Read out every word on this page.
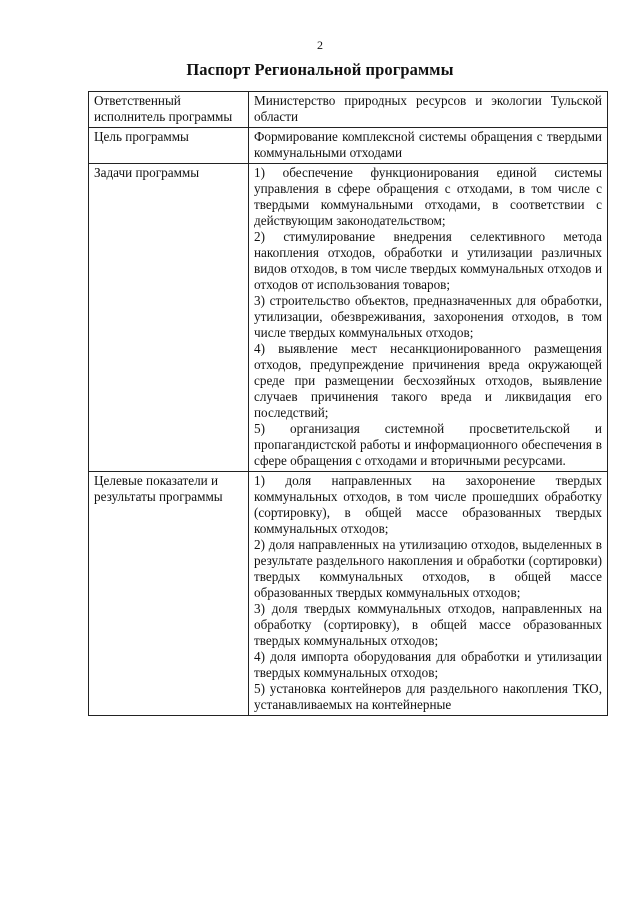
2
Паспорт Региональной программы
Ответственный исполнитель программы	Министерство природных ресурсов и экологии Тульской области
Цель программы	Формирование комплексной системы обращения с твердыми коммунальными отходами
Задачи программы	1) обеспечение функционирования единой системы управления в сфере обращения с отходами, в том числе с твердыми коммунальными отходами, в соответствии с действующим законодательством;
2) стимулирование внедрения селективного метода накопления отходов, обработки и утилизации различных видов отходов, в том числе твердых коммунальных отходов и отходов от использования товаров;
3) строительство объектов, предназначенных для обработки, утилизации, обезвреживания, захоронения отходов, в том числе твердых коммунальных отходов;
4) выявление мест несанкционированного размещения отходов, предупреждение причинения вреда окружающей среде при размещении бесхозяйных отходов, выявление случаев причинения такого вреда и ликвидация его последствий;
5) организация системной просветительской и пропагандистской работы и информационного обеспечения в сфере обращения с отходами и вторичными ресурсами.

Целевые показатели и результаты программы	1) доля направленных на захоронение твердых коммунальных отходов, в том числе прошедших обработку (сортировку), в общей массе образованных твердых коммунальных отходов;
2) доля направленных на утилизацию отходов, выделенных в результате раздельного накопления и обработки (сортировки) твердых коммунальных отходов, в общей массе образованных твердых коммунальных отходов;
3) доля твердых коммунальных отходов, направленных на обработку (сортировку), в общей массе образованных твердых коммунальных отходов;
4) доля импорта оборудования для обработки и утилизации твердых коммунальных отходов;
5) установка контейнеров для раздельного накопления ТКО, устанавливаемых на контейнерные
